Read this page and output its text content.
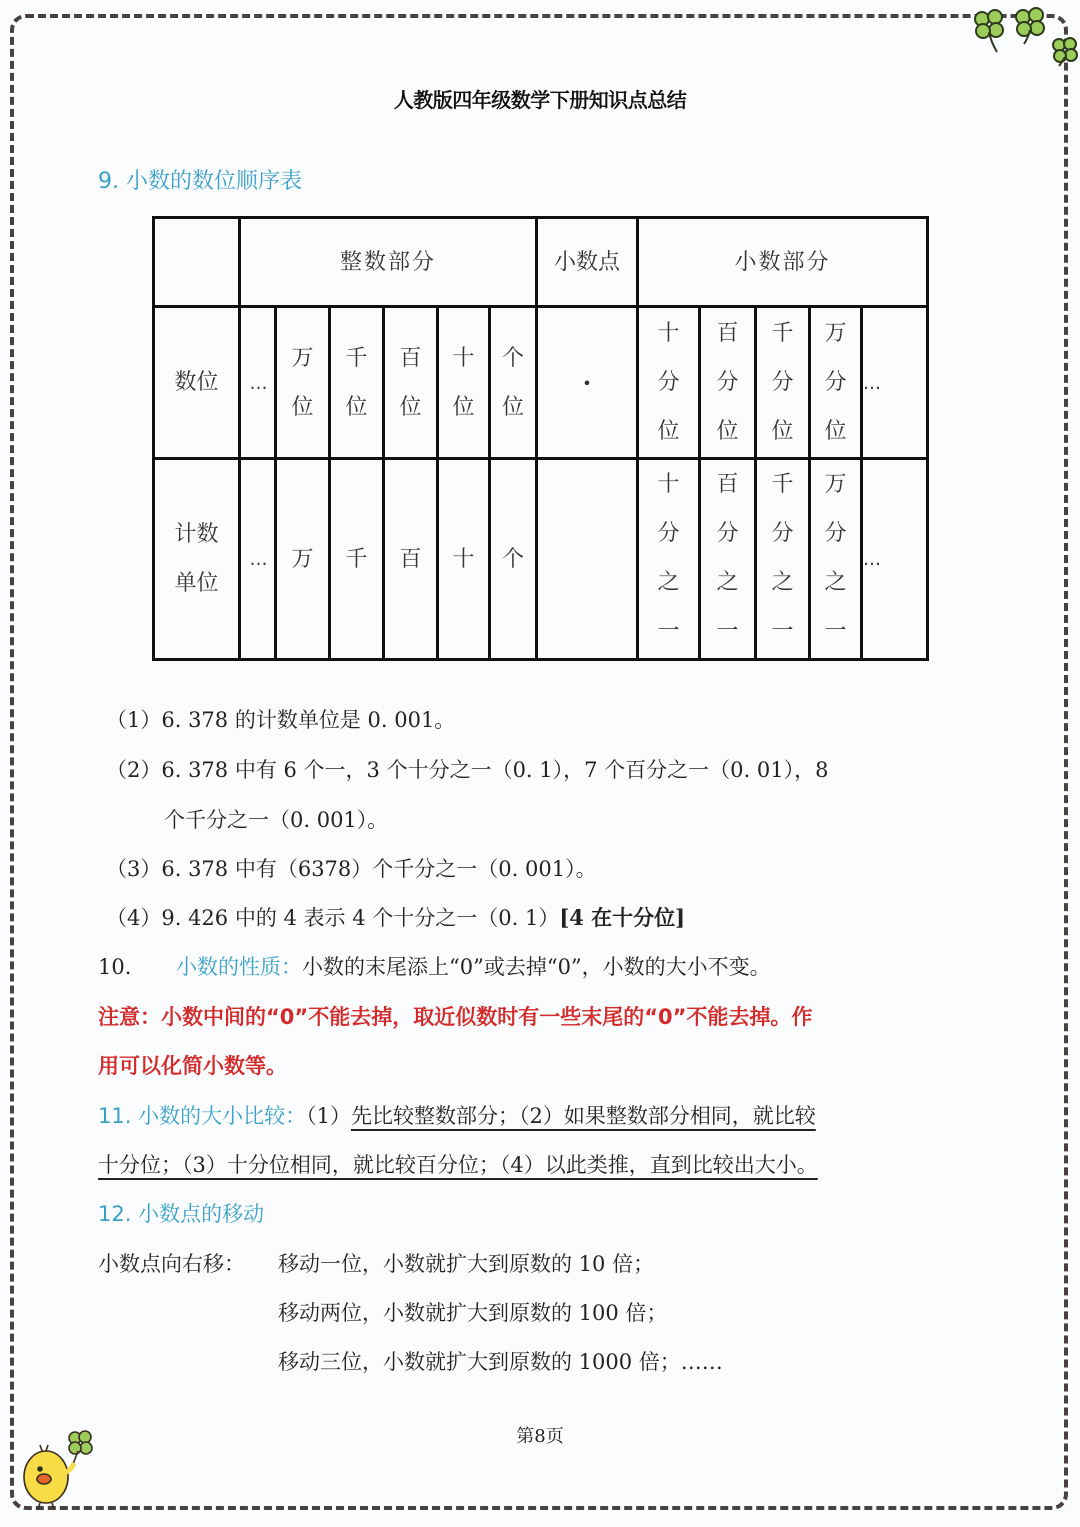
人教版四年级数学下册知识点总结
9. 小数的数位顺序表
	整数部分						小数点	小数部分				
数位	…	万位	千位	百位	十位	个位	•	十分位	百分位	千分位	万分位	…
计数单位	…	万	千	百	十	个		十分之一	百分之一	千分之一	万分之一	…
（1）6. 378 的计数单位是 0. 001。
（2）6. 378 中有 6 个一，3 个十分之一（0. 1），7 个百分之一（0. 01），8
个千分之一（0. 001）。
（3）6. 378 中有（6378）个千分之一（0. 001）。
（4）9. 426 中的 4 表示 4 个十分之一（0. 1）[4 在十分位]
10. 小数的性质：小数的末尾添上“0”或去掉“0”，小数的大小不变。
注意：小数中间的“0”不能去掉，取近似数时有一些末尾的“0”不能去掉。作
用可以化简小数等。
11. 小数的大小比较：（1）先比较整数部分；（2）如果整数部分相同，就比较
十分位；（3）十分位相同，就比较百分位；（4）以此类推，直到比较出大小。
12. 小数点的移动
小数点向右移： 移动一位，小数就扩大到原数的 10 倍；
移动两位，小数就扩大到原数的 100 倍；
移动三位，小数就扩大到原数的 1000 倍；……
第8页
